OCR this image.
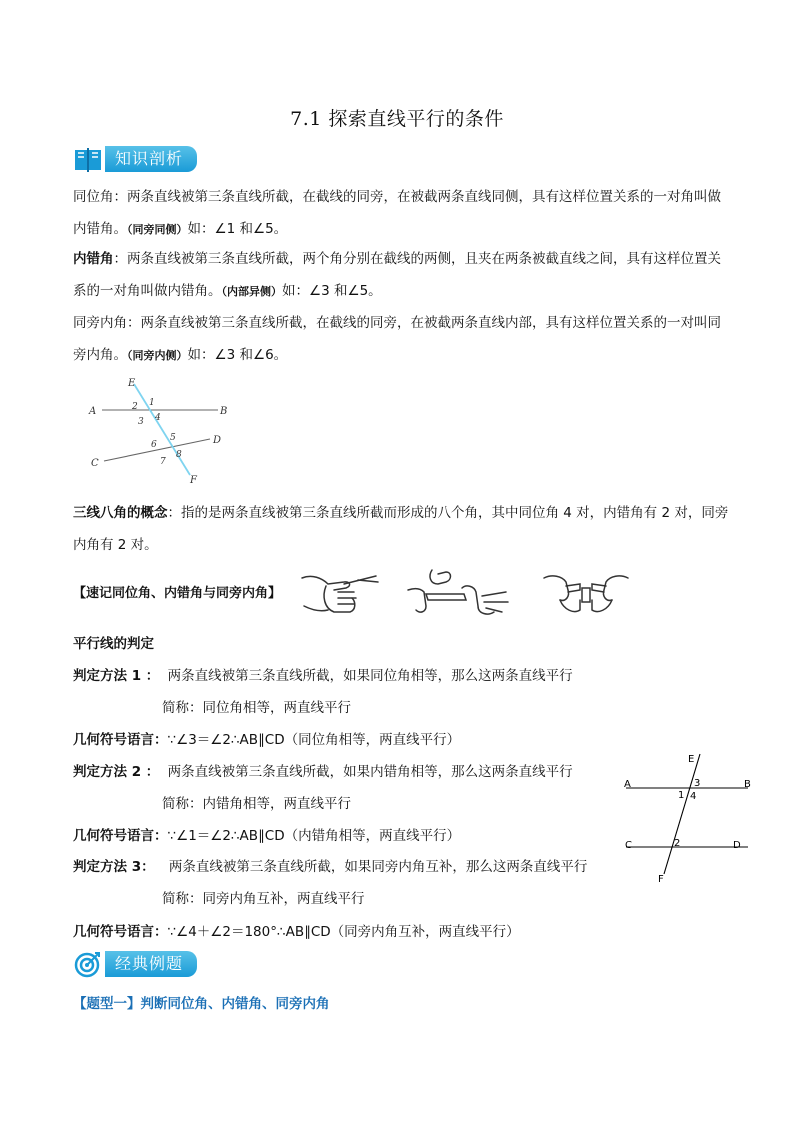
7.1 探索直线平行的条件
知识剖析
同位角：两条直线被第三条直线所截，在截线的同旁，在被截两条直线同侧，具有这样位置关系的一对角叫做内错角。（同旁同侧）如：∠1 和∠5。
内错角：两条直线被第三条直线所截，两个角分别在截线的两侧，且夹在两条被截直线之间，具有这样位置关系的一对角叫做内错角。（内部异侧）如：∠3 和∠5。
同旁内角：两条直线被第三条直线所截，在截线的同旁，在被截两条直线内部，具有这样位置关系的一对叫同旁内角。（同旁内侧）如：∠3 和∠6。
E
A	B
C
D
F
1
2
3 4
5
6
7
8
三线八角的概念：指的是两条直线被第三条直线所截而形成的八个角，其中同位角 4 对，内错角有 2 对，同旁内角有 2 对。
【速记同位角、内错角与同旁内角】
平行线的判定
判定方法 1 ： 两条直线被第三条直线所截，如果同位角相等，那么这两条直线平行
简称：同位角相等，两直线平行
几何符号语言：∵∠3＝∠2∴AB∥CD（同位角相等，两直线平行）
判定方法 2 ： 两条直线被第三条直线所截，如果内错角相等，那么这两条直线平行
简称：内错角相等，两直线平行
几何符号语言：∵∠1＝∠2∴AB∥CD（内错角相等，两直线平行）
判定方法 3： 两条直线被第三条直线所截，如果同旁内角互补，那么这两条直线平行
简称：同旁内角互补，两直线平行
几何符号语言：∵∠4＋∠2＝180°∴AB∥CD（同旁内角互补，两直线平行）
E
A	B
C	D
F
3
1 4
2
经典例题
【题型一】判断同位角、内错角、同旁内角
